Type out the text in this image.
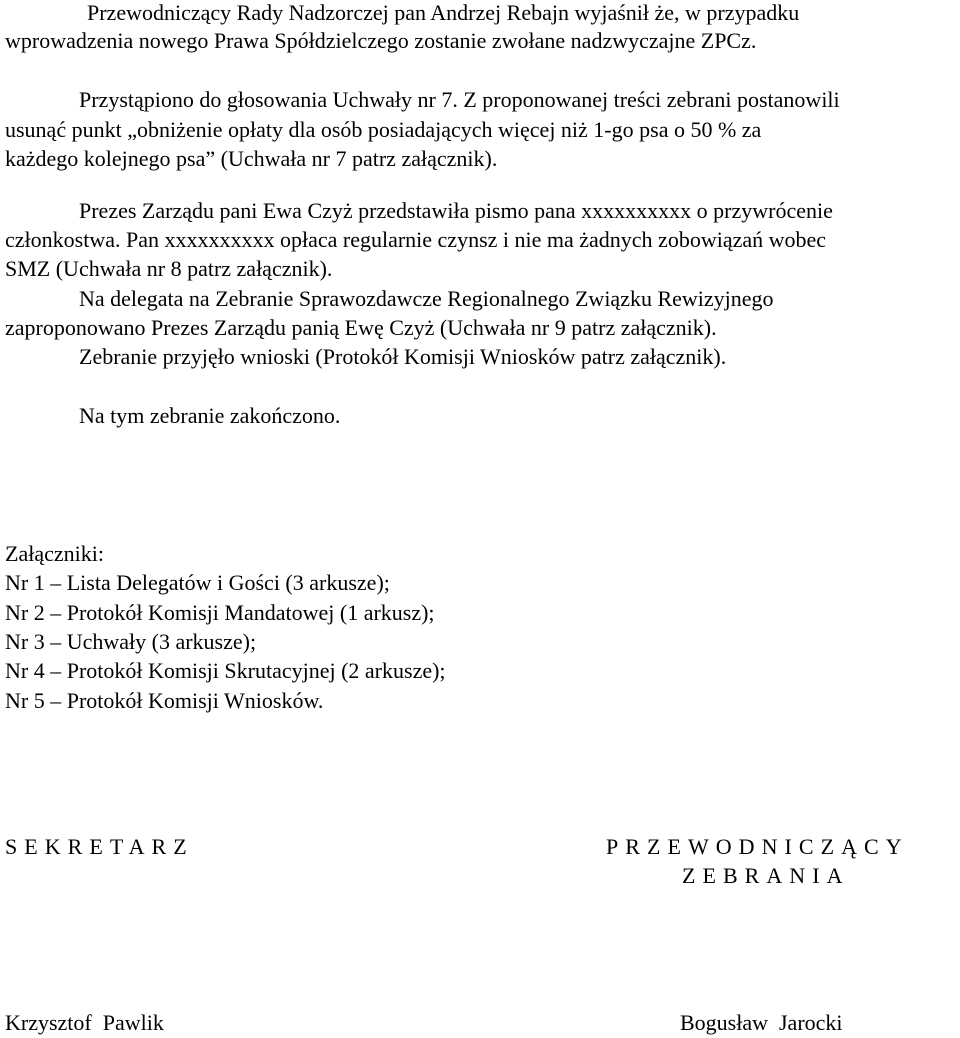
Przewodniczący Rady Nadzorczej pan Andrzej Rebajn wyjaśnił że, w przypadku
wprowadzenia nowego Prawa Spółdzielczego zostanie zwołane nadzwyczajne ZPCz.
Przystąpiono do głosowania Uchwały nr 7. Z proponowanej treści zebrani postanowili
usunąć punkt „obniżenie opłaty dla osób posiadających więcej niż 1-go psa o 50 % za
każdego kolejnego psa” (Uchwała nr 7 patrz załącznik).
Prezes Zarządu pani Ewa Czyż przedstawiła pismo pana xxxxxxxxxx o przywrócenie
członkostwa. Pan xxxxxxxxxx opłaca regularnie czynsz i nie ma żadnych zobowiązań wobec
SMZ (Uchwała nr 8 patrz załącznik).
Na delegata na Zebranie Sprawozdawcze Regionalnego Związku Rewizyjnego
zaproponowano Prezes Zarządu panią Ewę Czyż (Uchwała nr 9 patrz załącznik).
Zebranie przyjęło wnioski (Protokół Komisji Wniosków patrz załącznik).
Na tym zebranie zakończono.
Załączniki:
Nr 1 – Lista Delegatów i Gości (3 arkusze);
Nr 2 – Protokół Komisji Mandatowej (1 arkusz);
Nr 3 – Uchwały (3 arkusze);
Nr 4 – Protokół Komisji Skrutacyjnej (2 arkusze);
Nr 5 – Protokół Komisji Wniosków.
SEKRETARZ	PRZEWODNICZĄCY
ZEBRANIA
Krzysztof  Pawlik	Bogusław  Jarocki
